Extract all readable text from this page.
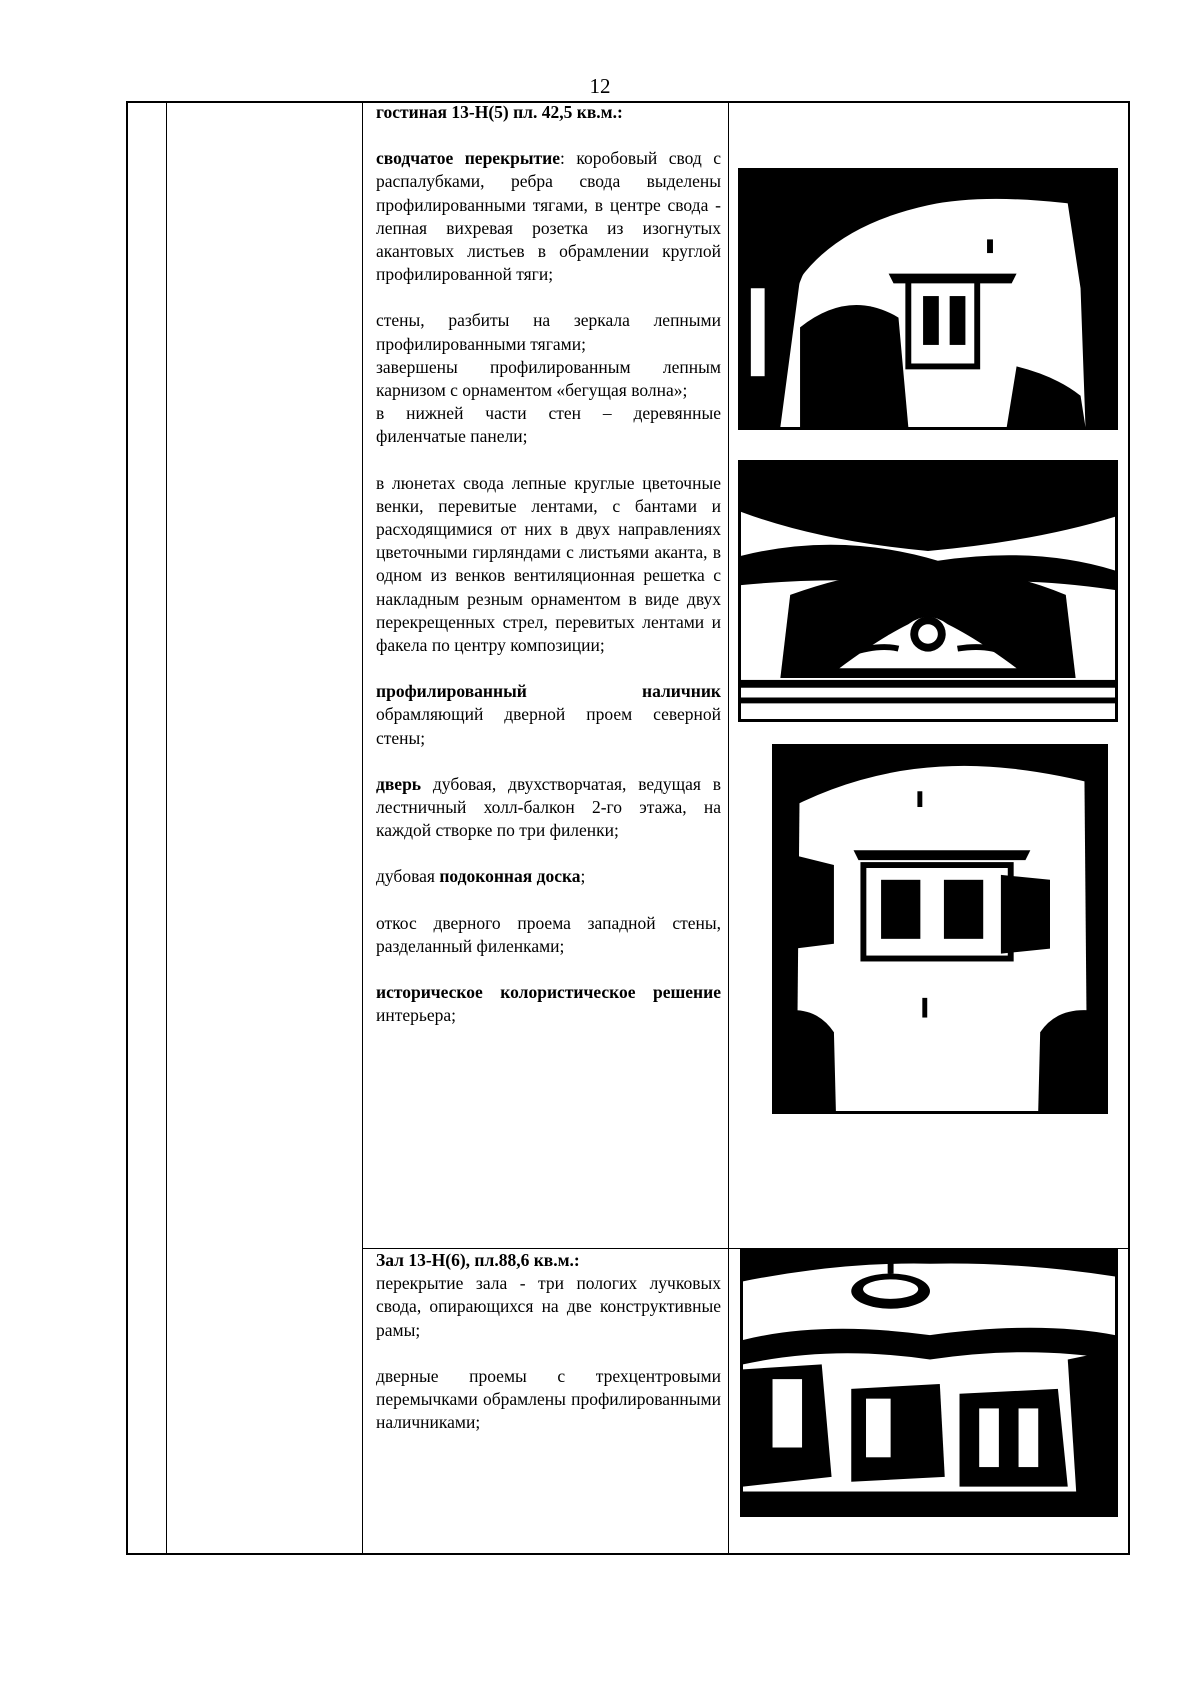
12
гостиная 13-Н(5) пл. 42,5 кв.м.:

сводчатое перекрытие: коробовый свод с распалубками, ребра свода выделены профилированными тягами, в центре свода - лепная вихревая розетка из изогнутых акантовых листьев в обрамлении круглой профилированной тяги;

стены, разбиты на зеркала лепными профилированными тягами;

завершены профилированным лепным карнизом с орнаментом «бегущая волна»;

в нижней части стен – деревянные филенчатые панели;

в люнетах свода лепные круглые цветочные венки, перевитые лентами, с бантами и расходящимися от них в двух направлениях цветочными гирляндами с листьями аканта, в одном из венков вентиляционная решетка с накладным резным орнаментом в виде двух перекрещенных стрел, перевитых лентами и факела по центру композиции;

профилированный наличник обрамляющий дверной проем северной стены;

дверь дубовая, двухстворчатая, ведущая в лестничный холл-балкон 2-го этажа, на каждой створке по три филенки;

дубовая подоконная доска;

откос дверного проема западной стены, разделанный филенками;

историческое колористическое решение интерьера;

Зал 13-Н(6), пл.88,6 кв.м.:

перекрытие зала - три пологих лучковых свода, опирающихся на две конструктивные рамы;

дверные проемы с трехцентровыми перемычками обрамлены профилированными наличниками;
